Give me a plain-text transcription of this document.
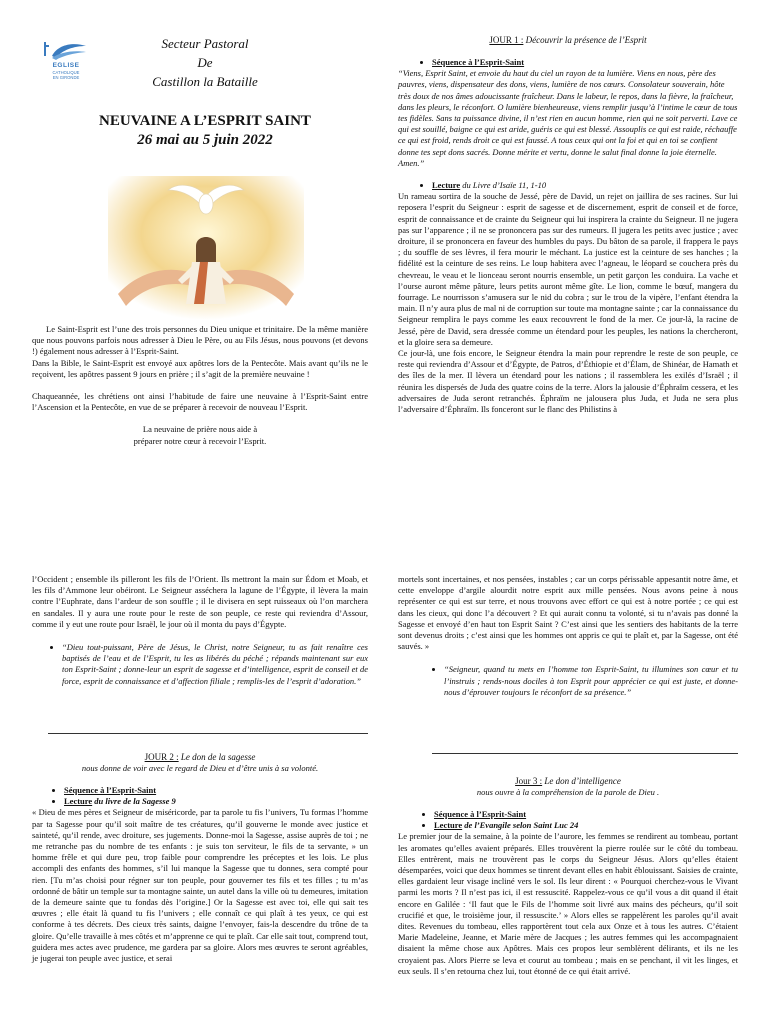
EGLISE
CATHOLIQUE
EN GIRONDE
Secteur Pastoral
De
Castillon la Bataille
NEUVAINE A L’ESPRIT SAINT
26 mai au 5 juin 2022

Le Saint-Esprit est l’une des trois personnes du Dieu unique et trinitaire. De la même manière que nous pouvons parfois nous adresser à Dieu le Père, ou au Fils Jésus, nous pouvons (et devons !) également nous adresser à l’Esprit-Saint.

Dans la Bible, le Saint-Esprit est envoyé aux apôtres lors de la Pentecôte. Mais avant qu’ils ne le reçoivent, les apôtres passent 9 jours en prière ; il s’agit de la première neuvaine !

Chaqueannée, les chrétiens ont ainsi l’habitude de faire une neuvaine à l’Esprit-Saint entre l’Ascension et la Pentecôte, en vue de se préparer à recevoir de nouveau l’Esprit.

La neuvaine de prière nous aide à

préparer notre cœur à recevoir l’Esprit.

JOUR 1 : Découvrir la présence de l’Esprit
• Séquence à l’Esprit-Saint

“Viens, Esprit Saint, et envoie du haut du ciel un rayon de ta lumière. Viens en nous, père des pauvres, viens, dispensateur des dons, viens, lumière de nos cœurs. Consolateur souverain, hôte très doux de nos âmes adoucissante fraîcheur. Dans le labeur, le repos, dans la fièvre, la fraîcheur, dans les pleurs, le réconfort. O lumière bienheureuse, viens remplir jusqu’à l’intime le cœur de tous tes fidèles. Sans ta puissance divine, il n’est rien en aucun homme, rien qui ne soit perverti. Lave ce qui est souillé, baigne ce qui est aride, guéris ce qui est blessé. Assouplis ce qui est raide, réchauffe ce qui est froid, rends droit ce qui est faussé. A tous ceux qui ont la foi et qui en toi se confient donne tes sept dons sacrés. Donne mérite et vertu, donne le salut final donne la joie éternelle. Amen.”

• Lecture du Livre d’Isaïe 11, 1-10

Un rameau sortira de la souche de Jessé, père de David, un rejet on jaillira de ses racines. Sur lui reposera l’esprit du Seigneur : esprit de sagesse et de discernement, esprit de conseil et de force, esprit de connaissance et de crainte du Seigneur qui lui inspirera la crainte du Seigneur. Il ne jugera pas sur l’apparence ; il ne se prononcera pas sur des rumeurs. Il jugera les petits avec justice ; avec droiture, il se prononcera en faveur des humbles du pays. Du bâton de sa parole, il frappera le pays ; du souffle de ses lèvres, il fera mourir le méchant. La justice est la ceinture de ses hanches ; la fidélité est la ceinture de ses reins. Le loup habitera avec l’agneau, le léopard se couchera près du chevreau, le veau et le lionceau seront nourris ensemble, un petit garçon les conduira. La vache et l’ourse auront même pâture, leurs petits auront même gîte. Le lion, comme le bœuf, mangera du fourrage. Le nourrisson s’amusera sur le nid du cobra ; sur le trou de la vipère, l’enfant étendra la main. Il n’y aura plus de mal ni de corruption sur toute ma montagne sainte ; car la connaissance du Seigneur remplira le pays comme les eaux recouvrent le fond de la mer. Ce jour-là, la racine de Jessé, père de David, sera dressée comme un étendard pour les peuples, les nations la chercheront, et la gloire sera sa demeure.

Ce jour-là, une fois encore, le Seigneur étendra la main pour reprendre le reste de son peuple, ce reste qui reviendra d’Assour et d’Égypte, de Patros, d’Éthiopie et d’Élam, de Shinéar, de Hamath et des îles de la mer. Il lèvera un étendard pour les nations ; il rassemblera les exilés d’Israël ; il réunira les dispersés de Juda des quatre coins de la terre. Alors la jalousie d’Éphraïm cessera, et les adversaires de Juda seront retranchés. Éphraïm ne jalousera plus Juda, et Juda ne sera plus l’adversaire d’Éphraïm. Ils fonceront sur le flanc des Philistins à

l’Occident ; ensemble ils pilleront les fils de l’Orient. Ils mettront la main sur Édom et Moab, et les fils d’Ammone leur obéiront. Le Seigneur asséchera la lagune de l’Égypte, il lèvera la main contre l’Euphrate, dans l’ardeur de son souffle ; il le divisera en sept ruisseaux où l’on marchera en sandales. Il y aura une route pour le reste de son peuple, ce reste qui reviendra d’Assour, comme il y eut une route pour Israël, le jour où il monta du pays d’Égypte.

• “Dieu tout-puissant, Père de Jésus, le Christ, notre Seigneur, tu as fait renaître ces baptisés de l’eau et de l’Esprit, tu les as libérés du péché ; répands maintenant sur eux ton Esprit-Saint ; donne-leur un esprit de sagesse et d’intelligence, esprit de conseil et de force, esprit de connaissance et d’affection filiale ; remplis-les de l’esprit d’adoration.”
JOUR 2 : Le don de la sagesse
nous donne de voir avec le regard de Dieu et d’être unis à sa volonté.
• Séquence à l’Esprit-Saint
• Lecture du livre de la Sagesse 9

« Dieu de mes pères et Seigneur de miséricorde, par ta parole tu fis l’univers, Tu formas l’homme par ta Sagesse pour qu’il soit maître de tes créatures, qu’il gouverne le monde avec justice et sainteté, qu’il rende, avec droiture, ses jugements. Donne-moi la Sagesse, assise auprès de toi ; ne me retranche pas du nombre de tes enfants : je suis ton serviteur, le fils de ta servante, » un homme frêle et qui dure peu, trop faible pour comprendre les préceptes et les lois. Le plus accompli des enfants des hommes, s’il lui manque la Sagesse que tu donnes, sera compté pour rien. [Tu m’as choisi pour régner sur ton peuple, pour gouverner tes fils et tes filles ; tu m’as ordonné de bâtir un temple sur ta montagne sainte, un autel dans la ville où tu demeures, imitation de la demeure sainte que tu fondas dès l’origine.] Or la Sagesse est avec toi, elle qui sait tes œuvres ; elle était là quand tu fis l’univers ; elle connaît ce qui plaît à tes yeux, ce qui est conforme à tes décrets. Des cieux très saints, daigne l’envoyer, fais-la descendre du trône de ta gloire. Qu’elle travaille à mes côtés et m’apprenne ce qui te plaît. Car elle sait tout, comprend tout, guidera mes actes avec prudence, me gardera par sa gloire. Alors mes œuvres te seront agréables, je jugerai ton peuple avec justice, et serai

mortels sont incertaines, et nos pensées, instables ; car un corps périssable appesantit notre âme, et cette enveloppe d’argile alourdit notre esprit aux mille pensées. Nous avons peine à nous représenter ce qui est sur terre, et nous trouvons avec effort ce qui est à notre portée ; ce qui est dans les cieux, qui donc l’a découvert ? Et qui aurait connu ta volonté, si tu n’avais pas donné la Sagesse et envoyé d’en haut ton Esprit Saint ? C’est ainsi que les sentiers des habitants de la terre sont devenus droits ; c’est ainsi que les hommes ont appris ce qui te plaît et, par la Sagesse, ont été sauvés. »

• “Seigneur, quand tu mets en l’homme ton Esprit-Saint, tu illumines son cœur et tu l’instruis ; rends-nous dociles à ton Esprit pour apprécier ce qui est juste, et donne-nous d’éprouver toujours le réconfort de sa présence.”
Jour 3 : Le don d’intelligence
nous ouvre à la compréhension de la parole de Dieu .
• Séquence à l’Esprit-Saint
• Lecture de l’Evangile selon Saint Luc 24

Le premier jour de la semaine, à la pointe de l’aurore, les femmes se rendirent au tombeau, portant les aromates qu’elles avaient préparés. Elles trouvèrent la pierre roulée sur le côté du tombeau. Elles entrèrent, mais ne trouvèrent pas le corps du Seigneur Jésus. Alors qu’elles étaient désemparées, voici que deux hommes se tinrent devant elles en habit éblouissant. Saisies de crainte, elles gardaient leur visage incliné vers le sol. Ils leur dirent : « Pourquoi cherchez-vous le Vivant parmi les morts ? Il n’est pas ici, il est ressuscité. Rappelez-vous ce qu’il vous a dit quand il était encore en Galilée : ‘Il faut que le Fils de l’homme soit livré aux mains des pécheurs, qu’il soit crucifié et que, le troisième jour, il ressuscite.’ » Alors elles se rappelèrent les paroles qu’il avait dites. Revenues du tombeau, elles rapportèrent tout cela aux Onze et à tous les autres. C’étaient Marie Madeleine, Jeanne, et Marie mère de Jacques ; les autres femmes qui les accompagnaient disaient la même chose aux Apôtres. Mais ces propos leur semblèrent délirants, et ils ne les croyaient pas. Alors Pierre se leva et courut au tombeau ; mais en se penchant, il vit les linges, et eux seuls. Il s’en retourna chez lui, tout étonné de ce qui était arrivé.
